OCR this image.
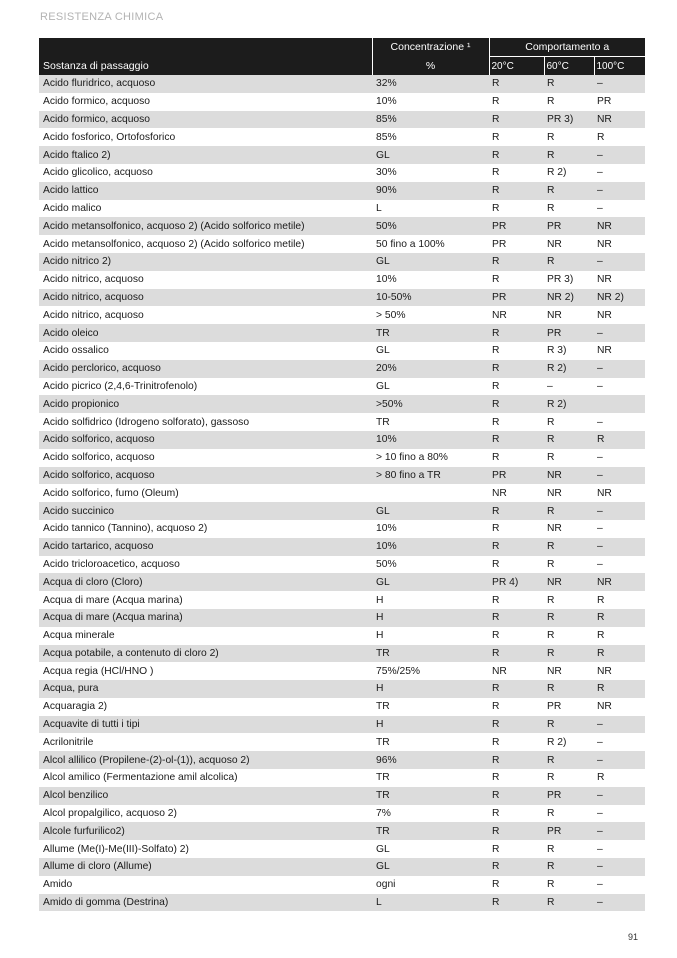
RESISTENZA CHIMICA
	Concentrazione ¹	Comportamento a		
Sostanza di passaggio	%	20°C	60°C	100°C
Acido fluridrico, acquoso	32%	R	R	–
Acido formico, acquoso	10%	R	R	PR
Acido formico, acquoso	85%	R	PR 3)	NR
Acido fosforico, Ortofosforico	85%	R	R	R
Acido ftalico 2)	GL	R	R	–
Acido glicolico, acquoso	30%	R	R 2)	–
Acido lattico	90%	R	R	–
Acido malico	L	R	R	–
Acido metansolfonico, acquoso 2) (Acido solforico metile)	50%	PR	PR	NR
Acido metansolfonico, acquoso 2) (Acido solforico metile)	50 fino a 100%	PR	NR	NR
Acido nitrico 2)	GL	R	R	–
Acido nitrico, acquoso	10%	R	PR 3)	NR
Acido nitrico, acquoso	10-50%	PR	NR 2)	NR 2)
Acido nitrico, acquoso	> 50%	NR	NR	NR
Acido oleico	TR	R	PR	–
Acido ossalico	GL	R	R 3)	NR
Acido perclorico, acquoso	20%	R	R 2)	–
Acido picrico (2,4,6-Trinitrofenolo)	GL	R	–	–
Acido propionico	>50%	R	R 2)	
Acido solfidrico (Idrogeno solforato), gassoso	TR	R	R	–
Acido solforico, acquoso	10%	R	R	R
Acido solforico, acquoso	> 10 fino a 80%	R	R	–
Acido solforico, acquoso	> 80 fino a TR	PR	NR	–
Acido solforico, fumo (Oleum)		NR	NR	NR
Acido succinico	GL	R	R	–
Acido tannico (Tannino), acquoso 2)	10%	R	NR	–
Acido tartarico, acquoso	10%	R	R	–
Acido tricloroacetico, acquoso	50%	R	R	–
Acqua di cloro (Cloro)	GL	PR 4)	NR	NR
Acqua di mare (Acqua marina)	H	R	R	R
Acqua di mare (Acqua marina)	H	R	R	R
Acqua minerale	H	R	R	R
Acqua potabile, a contenuto di cloro 2)	TR	R	R	R
Acqua regia (HCl/HNO )	75%/25%	NR	NR	NR
Acqua, pura	H	R	R	R
Acquaragia 2)	TR	R	PR	NR
Acquavite di tutti i tipi	H	R	R	–
Acrilonitrile	TR	R	R 2)	–
Alcol allilico (Propilene-(2)-ol-(1)), acquoso 2)	96%	R	R	–
Alcol amilico (Fermentazione amil alcolica)	TR	R	R	R
Alcol benzilico	TR	R	PR	–
Alcol propalgilico, acquoso 2)	7%	R	R	–
Alcole furfurilico2)	TR	R	PR	–
Allume (Me(I)-Me(III)-Solfato) 2)	GL	R	R	–
Allume di cloro (Allume)	GL	R	R	–
Amido	ogni	R	R	–
Amido di gomma (Destrina)	L	R	R	–
91
